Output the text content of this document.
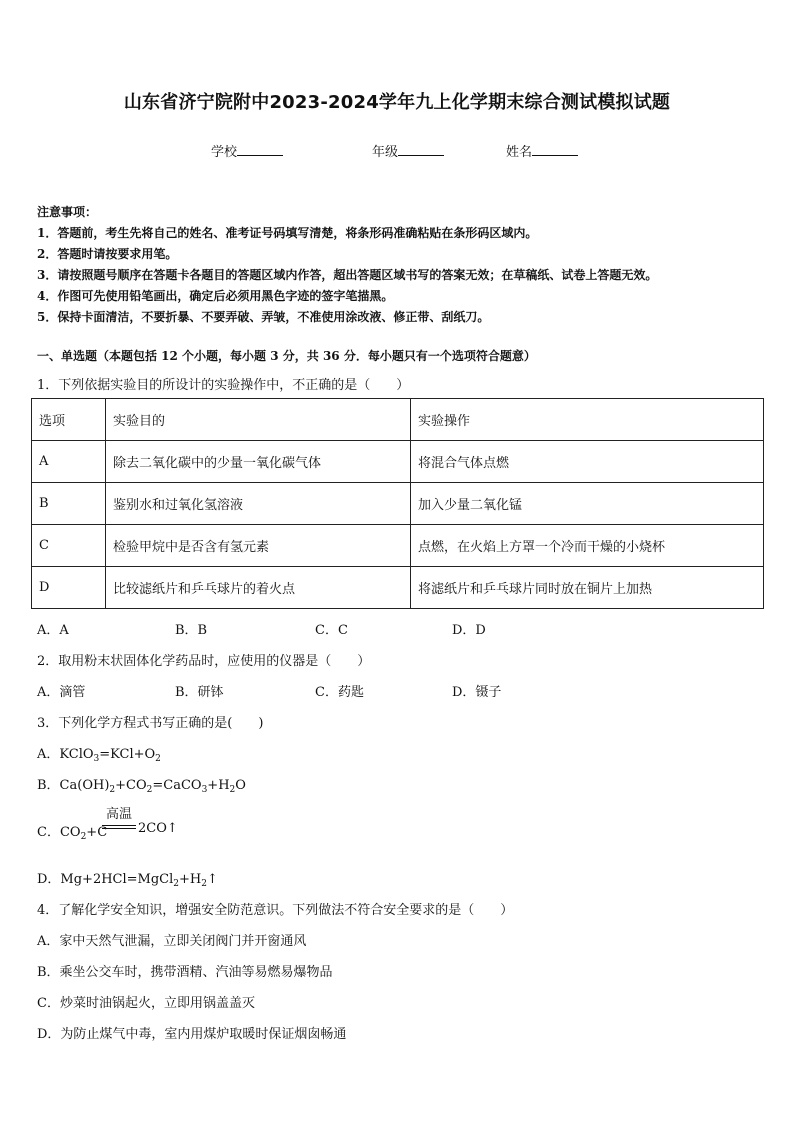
山东省济宁院附中2023-2024学年九上化学期末综合测试模拟试题
学校	年级	姓名
注意事项：
1．答题前，考生先将自己的姓名、准考证号码填写清楚，将条形码准确粘贴在条形码区域内。
2．答题时请按要求用笔。
3．请按照题号顺序在答题卡各题目的答题区域内作答，超出答题区域书写的答案无效；在草稿纸、试卷上答题无效。
4．作图可先使用铅笔画出，确定后必须用黑色字迹的签字笔描黑。
5．保持卡面清洁，不要折暴、不要弄破、弄皱，不准使用涂改液、修正带、刮纸刀。
一、单选题（本题包括 12 个小题，每小题 3 分，共 36 分．每小题只有一个选项符合题意）
1．下列依据实验目的所设计的实验操作中，不正确的是（　　）
选项	实验目的	实验操作
A	除去二氧化碳中的少量一氧化碳气体	将混合气体点燃
B	鉴别水和过氧化氢溶液	加入少量二氧化锰
C	检验甲烷中是否含有氢元素	点燃，在火焰上方罩一个冷而干燥的小烧杯
D	比较滤纸片和乒乓球片的着火点	将滤纸片和乒乓球片同时放在铜片上加热
A．A	B．B	C．C	D．D
2．取用粉末状固体化学药品时，应使用的仪器是（　　）
A．滴管	B．研钵	C．药匙	D．镊子
3．下列化学方程式书写正确的是(　　)
A．$KClO_3=KCl+O_2$
B．$Ca(OH)_2+CO_2=CaCO_3+H_2O$
C．$CO_2+C$
高温
2CO↑
D．$Mg+2HCl=MgCl_2+H_2↑$
4．了解化学安全知识，增强安全防范意识。下列做法不符合安全要求的是（　　）
A．家中天然气泄漏，立即关闭阀门并开窗通风
B．乘坐公交车时，携带酒精、汽油等易燃易爆物品
C．炒菜时油锅起火，立即用锅盖盖灭
D．为防止煤气中毒，室内用煤炉取暖时保证烟囱畅通
